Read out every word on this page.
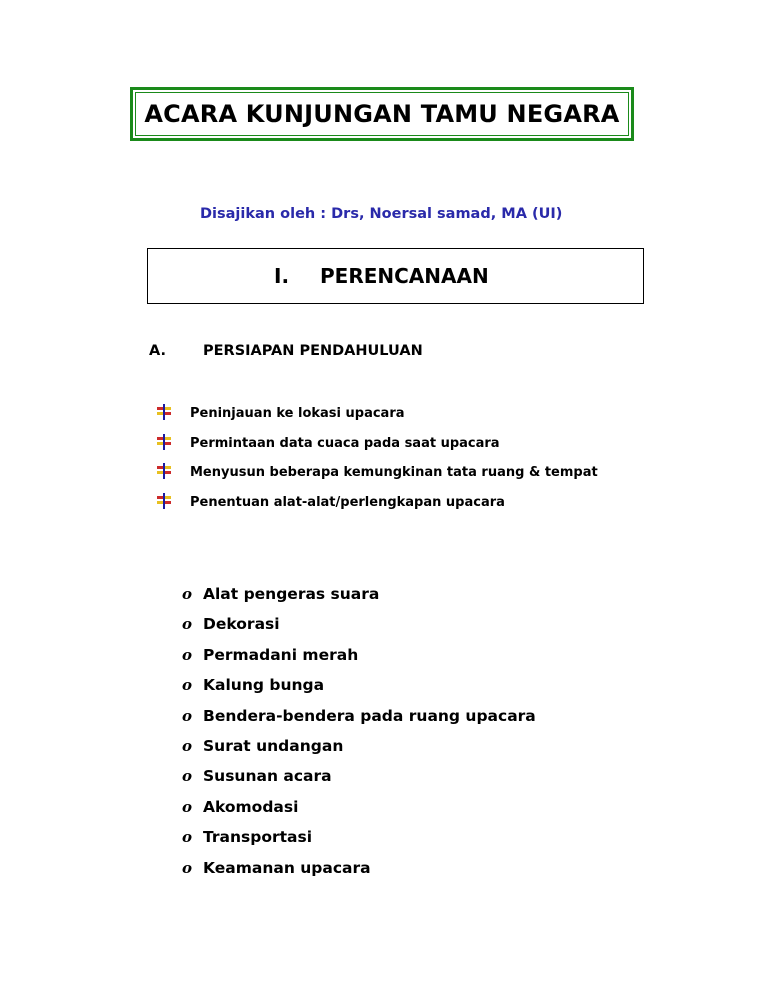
ACARA KUNJUNGAN TAMU NEGARA
Disajikan oleh : Drs, Noersal samad, MA (UI)
I. PERENCANAAN
A.	PERSIAPAN PENDAHULUAN
Peninjauan ke lokasi upacara
Permintaan data cuaca pada saat upacara
Menyusun beberapa kemungkinan tata ruang & tempat
Penentuan alat-alat/perlengkapan upacara
o Alat pengeras suara
o Dekorasi
o Permadani merah
o Kalung bunga
o Bendera-bendera pada ruang upacara
o Surat undangan
o Susunan acara
o Akomodasi
o Transportasi
o Keamanan upacara
